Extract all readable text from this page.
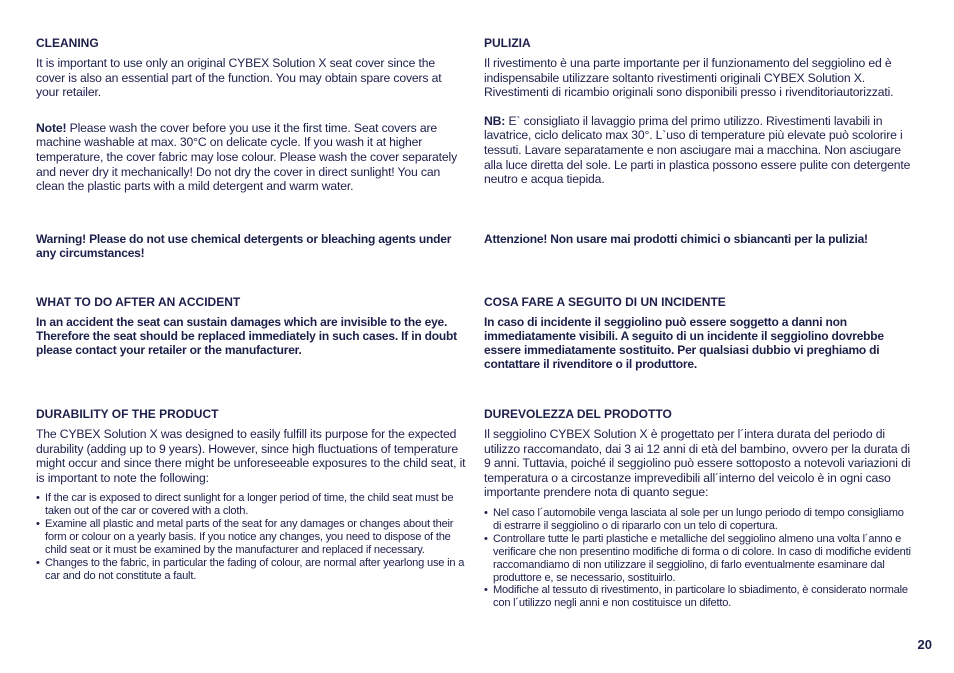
CLEANING

It is important to use only an original CYBEX Solution X seat cover since the cover is also an essential part of the function. You may obtain spare covers at your retailer.

Note! Please wash the cover before you use it the first time. Seat covers are machine washable at max. 30°C on delicate cycle. If you wash it at higher temperature, the cover fabric may lose colour. Please wash the cover separately and never dry it mechanically! Do not dry the cover in direct sunlight! You can clean the plastic parts with a mild detergent and warm water.

Warning! Please do not use chemical detergents or bleaching agents under any circumstances!

WHAT TO DO AFTER AN ACCIDENT

In an accident the seat can sustain damages which are invisible to the eye. Therefore the seat should be replaced immediately in such cases. If in doubt please contact your retailer or the manufacturer.

DURABILITY OF THE PRODUCT

The CYBEX Solution X was designed to easily fulfill its purpose for the expected durability (adding up to 9 years). However, since high fluctuations of temperature might occur and since there might be unforeseeable exposures to the child seat, it is important to note the following:

• If the car is exposed to direct sunlight for a longer period of time, the child seat must be taken out of the car or covered with a cloth.
• Examine all plastic and metal parts of the seat for any damages or changes about their form or colour on a yearly basis. If you notice any changes, you need to dispose of the child seat or it must be examined by the manufacturer and replaced if necessary.
• Changes to the fabric, in particular the fading of colour, are normal after yearlong use in a car and do not constitute a fault.
PULIZIA

Il rivestimento è una parte importante per il funzionamento del seggiolino ed è indispensabile utilizzare soltanto rivestimenti originali CYBEX Solution X. Rivestimenti di ricambio originali sono disponibili presso i rivenditoriautorizzati.

NB: E` consigliato il lavaggio prima del primo utilizzo. Rivestimenti lavabili in lavatrice, ciclo delicato max 30°. L`uso di temperature più elevate può scolorire i tessuti. Lavare separatamente e non asciugare mai a macchina. Non asciugare alla luce diretta del sole. Le parti in plastica possono essere pulite con detergente neutro e acqua tiepida.

Attenzione! Non usare mai prodotti chimici o sbiancanti per la pulizia!

COSA FARE A SEGUITO DI UN INCIDENTE

In caso di incidente il seggiolino può essere soggetto a danni non immediatamente visibili. A seguito di un incidente il seggiolino dovrebbe essere immediatamente sostituito. Per qualsiasi dubbio vi preghiamo di contattare il rivenditore o il produttore.

DUREVOLEZZA DEL PRODOTTO

Il seggiolino CYBEX Solution X è progettato per l´intera durata del periodo di utilizzo raccomandato, dai 3 ai 12 anni di età del bambino, ovvero per la durata di 9 anni. Tuttavia, poiché il seggiolino può essere sottoposto a notevoli variazioni di temperatura o a circostanze imprevedibili all´interno del veicolo è in ogni caso importante prendere nota di quanto segue:

• Nel caso l´automobile venga lasciata al sole per un lungo periodo di tempo consigliamo di estrarre il seggiolino o di ripararlo con un telo di copertura.
• Controllare tutte le parti plastiche e metalliche del seggiolino almeno una volta l´anno e verificare che non presentino modifiche di forma o di colore. In caso di modifiche evidenti raccomandiamo di non utilizzare il seggiolino, di farlo eventualmente esaminare dal produttore e, se necessario, sostituirlo.
• Modifiche al tessuto di rivestimento, in particolare lo sbiadimento, è considerato normale con l´utilizzo negli anni e non costituisce un difetto.
20
